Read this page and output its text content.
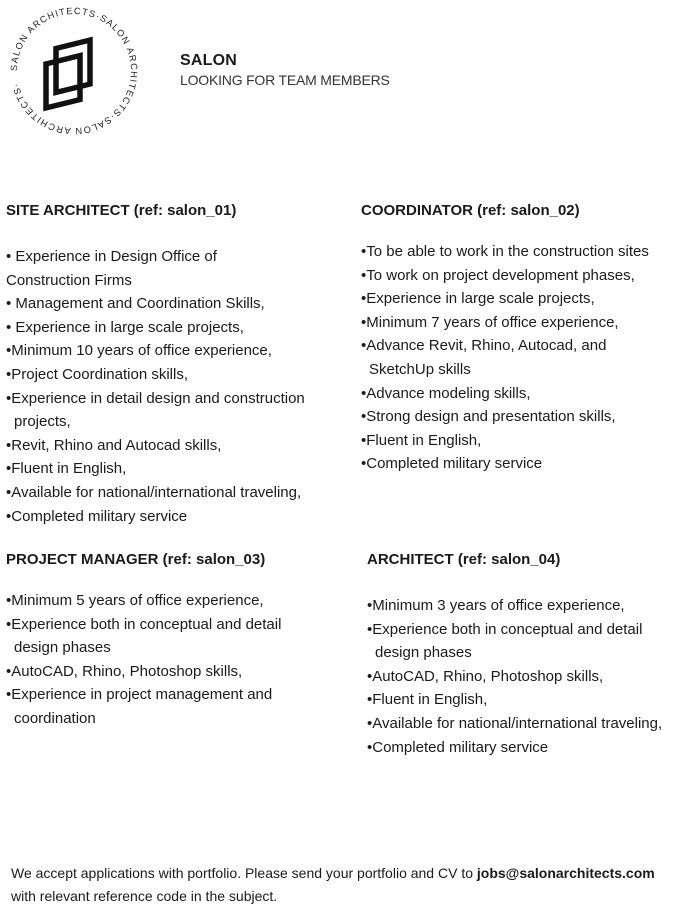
SALON ARCHITECTS·SALON ARCHITECTS·SALON ARCHITECTS·
SALON
LOOKING FOR TEAM MEMBERS
SITE ARCHITECT (ref: salon_01)
• Experience in Design Office of
Construction Firms
• Management and Coordination Skills,
• Experience in large scale projects,
•Minimum 10 years of office experience,
•Project Coordination skills,
•Experience in detail design and construction
projects,
•Revit, Rhino and Autocad skills,
•Fluent in English,
•Available for national/international traveling,
•Completed military service
COORDINATOR (ref: salon_02)
•To be able to work in the construction sites
•To work on project development phases,
•Experience in large scale projects,
•Minimum 7 years of office experience,
•Advance Revit, Rhino, Autocad, and
SketchUp skills
•Advance modeling skills,
•Strong design and presentation skills,
•Fluent in English,
•Completed military service
PROJECT MANAGER (ref: salon_03)
•Minimum 5 years of office experience,
•Experience both in conceptual and detail
design phases
•AutoCAD, Rhino, Photoshop skills,
•Experience in project management and
coordination
ARCHITECT (ref: salon_04)
•Minimum 3 years of office experience,
•Experience both in conceptual and detail
design phases
•AutoCAD, Rhino, Photoshop skills,
•Fluent in English,
•Available for national/international traveling,
•Completed military service
We accept applications with portfolio. Please send your portfolio and CV to jobs@salonarchitects.com
with relevant reference code in the subject.
